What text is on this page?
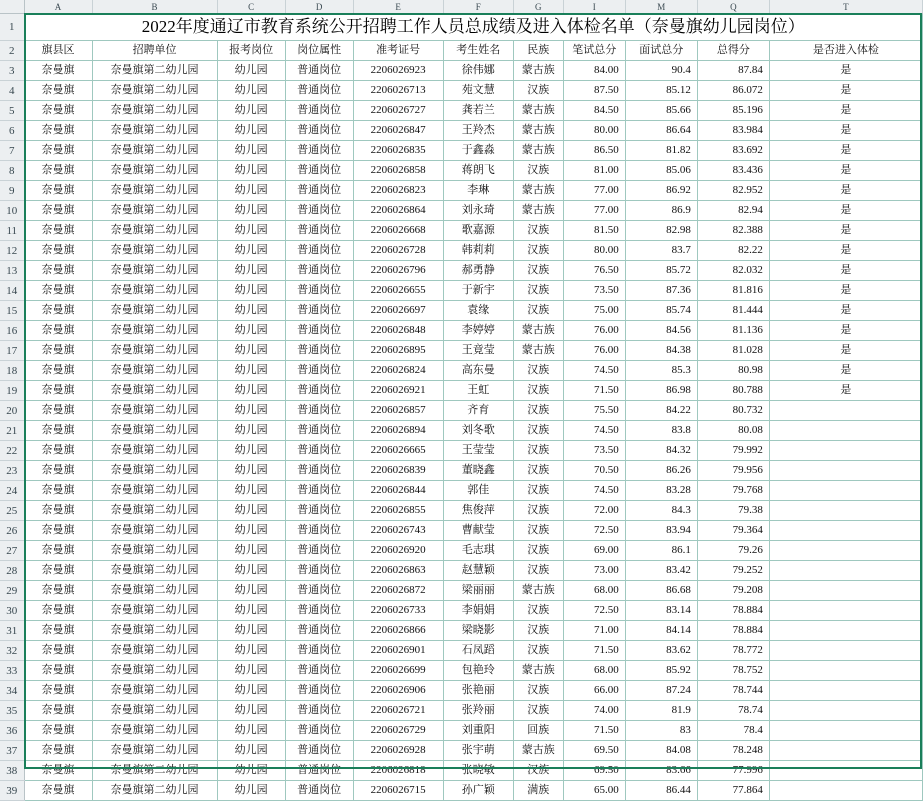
	A	B	C	D	E	F	G	I	M	Q	T
1	2022年度通辽市教育系统公开招聘工作人员总成绩及进入体检名单（奈曼旗幼儿园岗位）										
2	旗县区	招聘单位	报考岗位	岗位属性	准考证号	考生姓名	民族	笔试总分	面试总分	总得分	是否进入体检
3	奈曼旗	奈曼旗第二幼儿园	幼儿园	普通岗位	2206026923	徐伟娜	蒙古族	84.00	90.4	87.84	是
4	奈曼旗	奈曼旗第二幼儿园	幼儿园	普通岗位	2206026713	苑文慧	汉族	87.50	85.12	86.072	是
5	奈曼旗	奈曼旗第二幼儿园	幼儿园	普通岗位	2206026727	龚若兰	蒙古族	84.50	85.66	85.196	是
6	奈曼旗	奈曼旗第二幼儿园	幼儿园	普通岗位	2206026847	王羚杰	蒙古族	80.00	86.64	83.984	是
7	奈曼旗	奈曼旗第二幼儿园	幼儿园	普通岗位	2206026835	于鑫淼	蒙古族	86.50	81.82	83.692	是
8	奈曼旗	奈曼旗第二幼儿园	幼儿园	普通岗位	2206026858	蒋朗飞	汉族	81.00	85.06	83.436	是
9	奈曼旗	奈曼旗第二幼儿园	幼儿园	普通岗位	2206026823	李琳	蒙古族	77.00	86.92	82.952	是
10	奈曼旗	奈曼旗第二幼儿园	幼儿园	普通岗位	2206026864	刘永琦	蒙古族	77.00	86.9	82.94	是
11	奈曼旗	奈曼旗第二幼儿园	幼儿园	普通岗位	2206026668	歌嘉源	汉族	81.50	82.98	82.388	是
12	奈曼旗	奈曼旗第二幼儿园	幼儿园	普通岗位	2206026728	韩莉莉	汉族	80.00	83.7	82.22	是
13	奈曼旗	奈曼旗第二幼儿园	幼儿园	普通岗位	2206026796	郝勇静	汉族	76.50	85.72	82.032	是
14	奈曼旗	奈曼旗第二幼儿园	幼儿园	普通岗位	2206026655	于新宇	汉族	73.50	87.36	81.816	是
15	奈曼旗	奈曼旗第二幼儿园	幼儿园	普通岗位	2206026697	袁缘	汉族	75.00	85.74	81.444	是
16	奈曼旗	奈曼旗第二幼儿园	幼儿园	普通岗位	2206026848	李婷婷	蒙古族	76.00	84.56	81.136	是
17	奈曼旗	奈曼旗第二幼儿园	幼儿园	普通岗位	2206026895	王竟莹	蒙古族	76.00	84.38	81.028	是
18	奈曼旗	奈曼旗第二幼儿园	幼儿园	普通岗位	2206026824	高东曼	汉族	74.50	85.3	80.98	是
19	奈曼旗	奈曼旗第二幼儿园	幼儿园	普通岗位	2206026921	王虹	汉族	71.50	86.98	80.788	是
20	奈曼旗	奈曼旗第二幼儿园	幼儿园	普通岗位	2206026857	齐育	汉族	75.50	84.22	80.732	
21	奈曼旗	奈曼旗第二幼儿园	幼儿园	普通岗位	2206026894	刘冬歌	汉族	74.50	83.8	80.08	
22	奈曼旗	奈曼旗第二幼儿园	幼儿园	普通岗位	2206026665	王莹莹	汉族	73.50	84.32	79.992	
23	奈曼旗	奈曼旗第二幼儿园	幼儿园	普通岗位	2206026839	董晓鑫	汉族	70.50	86.26	79.956	
24	奈曼旗	奈曼旗第二幼儿园	幼儿园	普通岗位	2206026844	郭佳	汉族	74.50	83.28	79.768	
25	奈曼旗	奈曼旗第二幼儿园	幼儿园	普通岗位	2206026855	焦俊萍	汉族	72.00	84.3	79.38	
26	奈曼旗	奈曼旗第二幼儿园	幼儿园	普通岗位	2206026743	曹献莹	汉族	72.50	83.94	79.364	
27	奈曼旗	奈曼旗第二幼儿园	幼儿园	普通岗位	2206026920	毛志琪	汉族	69.00	86.1	79.26	
28	奈曼旗	奈曼旗第二幼儿园	幼儿园	普通岗位	2206026863	赵慧颖	汉族	73.00	83.42	79.252	
29	奈曼旗	奈曼旗第二幼儿园	幼儿园	普通岗位	2206026872	梁丽丽	蒙古族	68.00	86.68	79.208	
30	奈曼旗	奈曼旗第二幼儿园	幼儿园	普通岗位	2206026733	李娟娟	汉族	72.50	83.14	78.884	
31	奈曼旗	奈曼旗第二幼儿园	幼儿园	普通岗位	2206026866	梁晓影	汉族	71.00	84.14	78.884	
32	奈曼旗	奈曼旗第二幼儿园	幼儿园	普通岗位	2206026901	石凤蹈	汉族	71.50	83.62	78.772	
33	奈曼旗	奈曼旗第二幼儿园	幼儿园	普通岗位	2206026699	包艳玲	蒙古族	68.00	85.92	78.752	
34	奈曼旗	奈曼旗第二幼儿园	幼儿园	普通岗位	2206026906	张艳丽	汉族	66.00	87.24	78.744	
35	奈曼旗	奈曼旗第二幼儿园	幼儿园	普通岗位	2206026721	张羚丽	汉族	74.00	81.9	78.74	
36	奈曼旗	奈曼旗第二幼儿园	幼儿园	普通岗位	2206026729	刘重阳	回族	71.50	83	78.4	
37	奈曼旗	奈曼旗第二幼儿园	幼儿园	普通岗位	2206026928	张宇萌	蒙古族	69.50	84.08	78.248	
38	奈曼旗	奈曼旗第二幼儿园	幼儿园	普通岗位	2206026818	张晓敏	汉族	69.50	83.66	77.996	
39	奈曼旗	奈曼旗第二幼儿园	幼儿园	普通岗位	2206026715	孙广颖	满族	65.00	86.44	77.864	
